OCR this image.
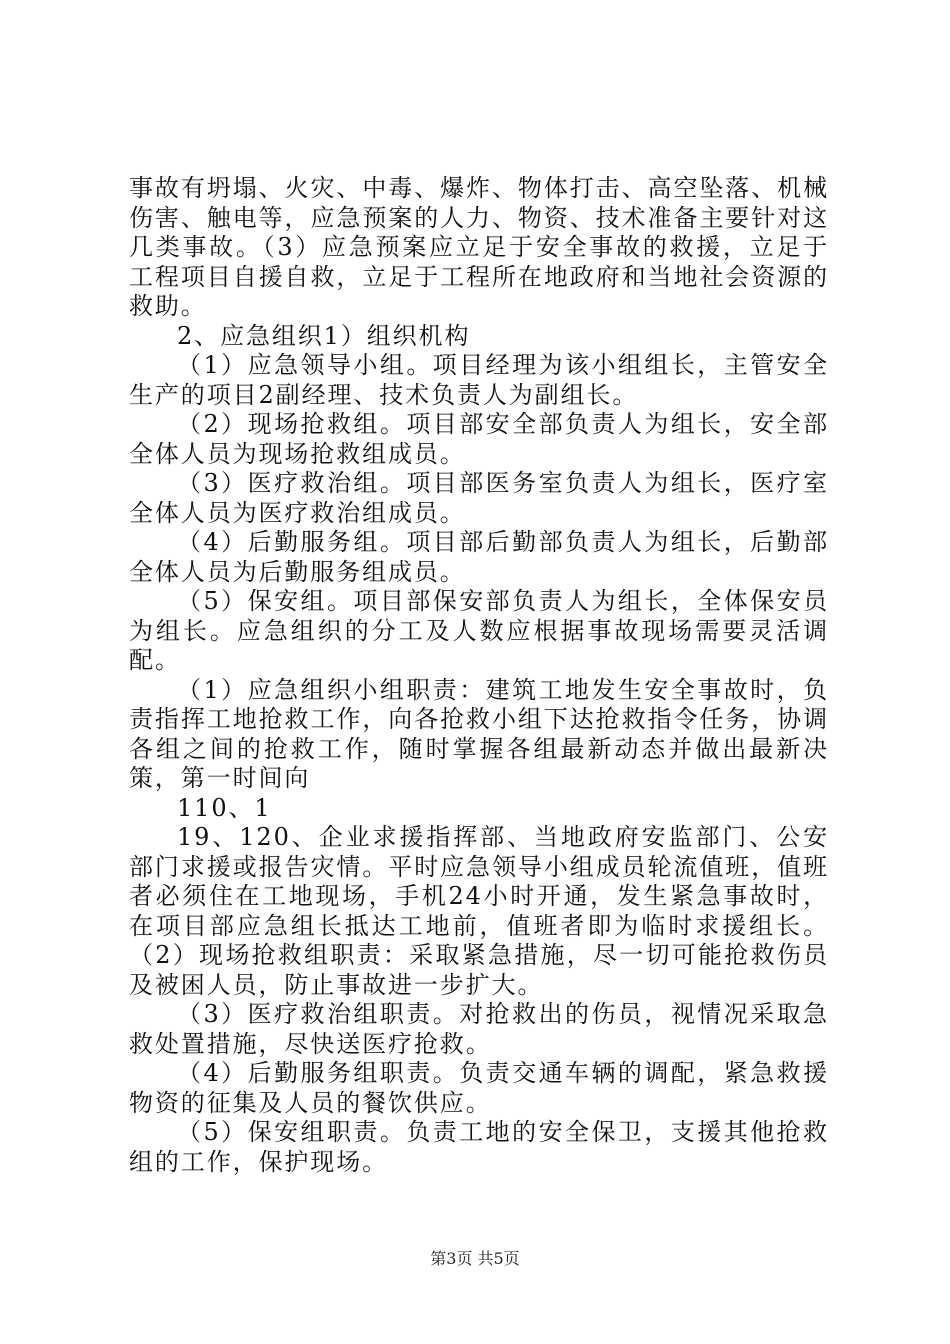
事故有坍塌、火灾、中毒、爆炸、物体打击、高空坠落、机械伤害、触电等，应急预案的人力、物资、技术准备主要针对这几类事故。（3）应急预案应立足于安全事故的救援，立足于工程项目自援自救，立足于工程所在地政府和当地社会资源的救助。

2、应急组织1）组织机构

（1）应急领导小组。项目经理为该小组组长，主管安全生产的项目2副经理、技术负责人为副组长。

（2）现场抢救组。项目部安全部负责人为组长，安全部全体人员为现场抢救组成员。

（3）医疗救治组。项目部医务室负责人为组长，医疗室全体人员为医疗救治组成员。

（4）后勤服务组。项目部后勤部负责人为组长，后勤部全体人员为后勤服务组成员。

（5）保安组。项目部保安部负责人为组长，全体保安员为组长。应急组织的分工及人数应根据事故现场需要灵活调配。

（1）应急组织小组职责：建筑工地发生安全事故时，负责指挥工地抢救工作，向各抢救小组下达抢救指令任务，协调各组之间的抢救工作，随时掌握各组最新动态并做出最新决策，第一时间向

110、1

19、120、企业求援指挥部、当地政府安监部门、公安部门求援或报告灾情。平时应急领导小组成员轮流值班，值班者必须住在工地现场，手机24小时开通，发生紧急事故时，在项目部应急组长抵达工地前，值班者即为临时求援组长。（2）现场抢救组职责：采取紧急措施，尽一切可能抢救伤员及被困人员，防止事故进一步扩大。

（3）医疗救治组职责。对抢救出的伤员，视情况采取急救处置措施，尽快送医疗抢救。

（4）后勤服务组职责。负责交通车辆的调配，紧急救援物资的征集及人员的餐饮供应。

（5）保安组职责。负责工地的安全保卫，支援其他抢救组的工作，保护现场。

第3页 共5页
